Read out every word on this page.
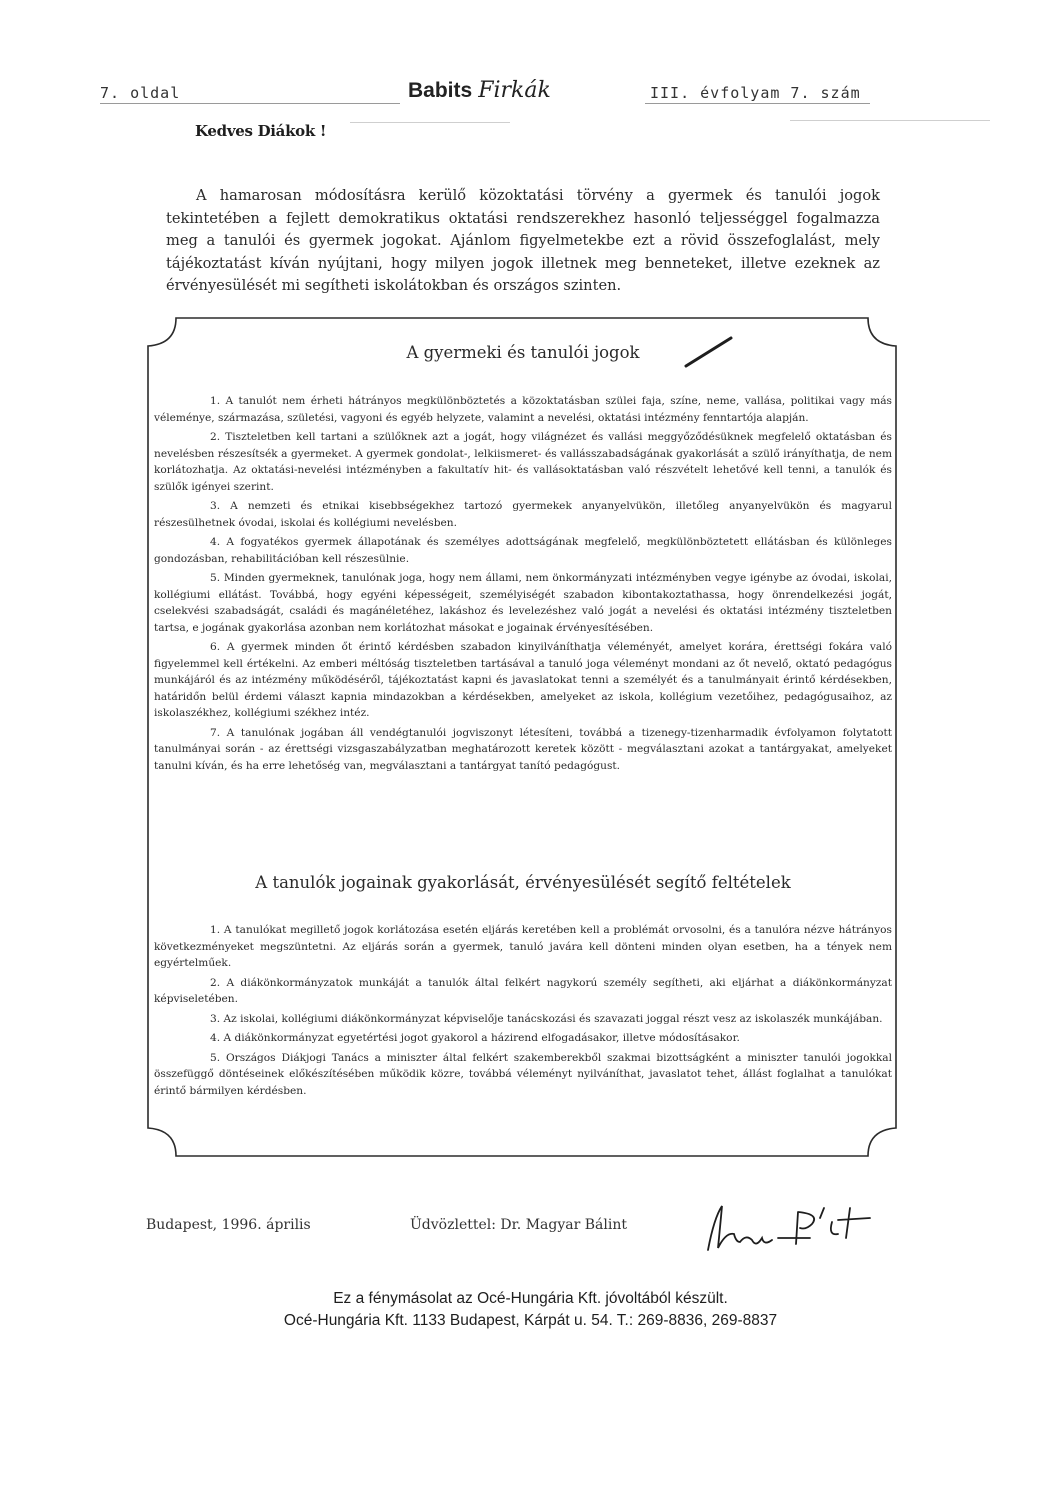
7. oldal	Babits Firkák	III. évfolyam 7. szám
Kedves Diákok !

A hamarosan módosításra kerülő közoktatási törvény a gyermek és tanulói jogok tekintetében a fejlett demokratikus oktatási rendszerekhez hasonló teljességgel fogalmazza meg a tanulói és gyermek jogokat. Ajánlom figyelmetekbe ezt a rövid összefoglalást, mely tájékoztatást kíván nyújtani, hogy milyen jogok illetnek meg benneteket, illetve ezeknek az érvényesülését mi segítheti iskolátokban és országos szinten.

A gyermeki és tanulói jogok
1. A tanulót nem érheti hátrányos megkülönböztetés a közoktatásban szülei faja, színe, neme, vallása, politikai vagy más véleménye, származása, születési, vagyoni és egyéb helyzete, valamint a nevelési, oktatási intézmény fenntartója alapján.
2. Tiszteletben kell tartani a szülőknek azt a jogát, hogy világnézet és vallási meggyőződésüknek megfelelő oktatásban és nevelésben részesítsék a gyermeket. A gyermek gondolat-, lelkiismeret- és vallásszabadságának gyakorlását a szülő irányíthatja, de nem korlátozhatja. Az oktatási-nevelési intézményben a fakultatív hit- és vallásoktatásban való részvételt lehetővé kell tenni, a tanulók és szülők igényei szerint.
3. A nemzeti és etnikai kisebbségekhez tartozó gyermekek anyanyelvükön, illetőleg anyanyelvükön és magyarul részesülhetnek óvodai, iskolai és kollégiumi nevelésben.
4. A fogyatékos gyermek állapotának és személyes adottságának megfelelő, megkülönböztetett ellátásban és különleges gondozásban, rehabilitációban kell részesülnie.
5. Minden gyermeknek, tanulónak joga, hogy nem állami, nem önkormányzati intézményben vegye igénybe az óvodai, iskolai, kollégiumi ellátást. Továbbá, hogy egyéni képességeit, személyiségét szabadon kibontakoztathassa, hogy önrendelkezési jogát, cselekvési szabadságát, családi és magánéletéhez, lakáshoz és levelezéshez való jogát a nevelési és oktatási intézmény tiszteletben tartsa, e jogának gyakorlása azonban nem korlátozhat másokat e jogainak érvényesítésében.
6. A gyermek minden őt érintő kérdésben szabadon kinyilváníthatja véleményét, amelyet korára, érettségi fokára való figyelemmel kell értékelni. Az emberi méltóság tiszteletben tartásával a tanuló joga véleményt mondani az őt nevelő, oktató pedagógus munkájáról és az intézmény működéséről, tájékoztatást kapni és javaslatokat tenni a személyét és a tanulmányait érintő kérdésekben, határidőn belül érdemi választ kapnia mindazokban a kérdésekben, amelyeket az iskola, kollégium vezetőihez, pedagógusaihoz, az iskolaszékhez, kollégiumi székhez intéz.
7. A tanulónak jogában áll vendégtanulói jogviszonyt létesíteni, továbbá a tizenegy-tizenharmadik évfolyamon folytatott tanulmányai során - az érettségi vizsgaszabályzatban meghatározott keretek között - megválasztani azokat a tantárgyakat, amelyeket tanulni kíván, és ha erre lehetőség van, megválasztani a tantárgyat tanító pedagógust.
A tanulók jogainak gyakorlását, érvényesülését segítő feltételek
1. A tanulókat megillető jogok korlátozása esetén eljárás keretében kell a problémát orvosolni, és a tanulóra nézve hátrányos következményeket megszüntetni. Az eljárás során a gyermek, tanuló javára kell dönteni minden olyan esetben, ha a tények nem egyértelműek.
2. A diákönkormányzatok munkáját a tanulók által felkért nagykorú személy segítheti, aki eljárhat a diákönkormányzat képviseletében.
3. Az iskolai, kollégiumi diákönkormányzat képviselője tanácskozási és szavazati joggal részt vesz az iskolaszék munkájában.
4. A diákönkormányzat egyetértési jogot gyakorol a házirend elfogadásakor, illetve módosításakor.
5. Országos Diákjogi Tanács a miniszter által felkért szakemberekből szakmai bizottságként a miniszter tanulói jogokkal összefüggő döntéseinek előkészítésében működik közre, továbbá véleményt nyilváníthat, javaslatot tehet, állást foglalhat a tanulókat érintő bármilyen kérdésben.
Budapest, 1996. április	Üdvözlettel: Dr. Magyar Bálint
Ez a fénymásolat az Océ-Hungária Kft. jóvoltából készült.
Océ-Hungária Kft. 1133 Budapest, Kárpát u. 54. T.: 269-8836, 269-8837
